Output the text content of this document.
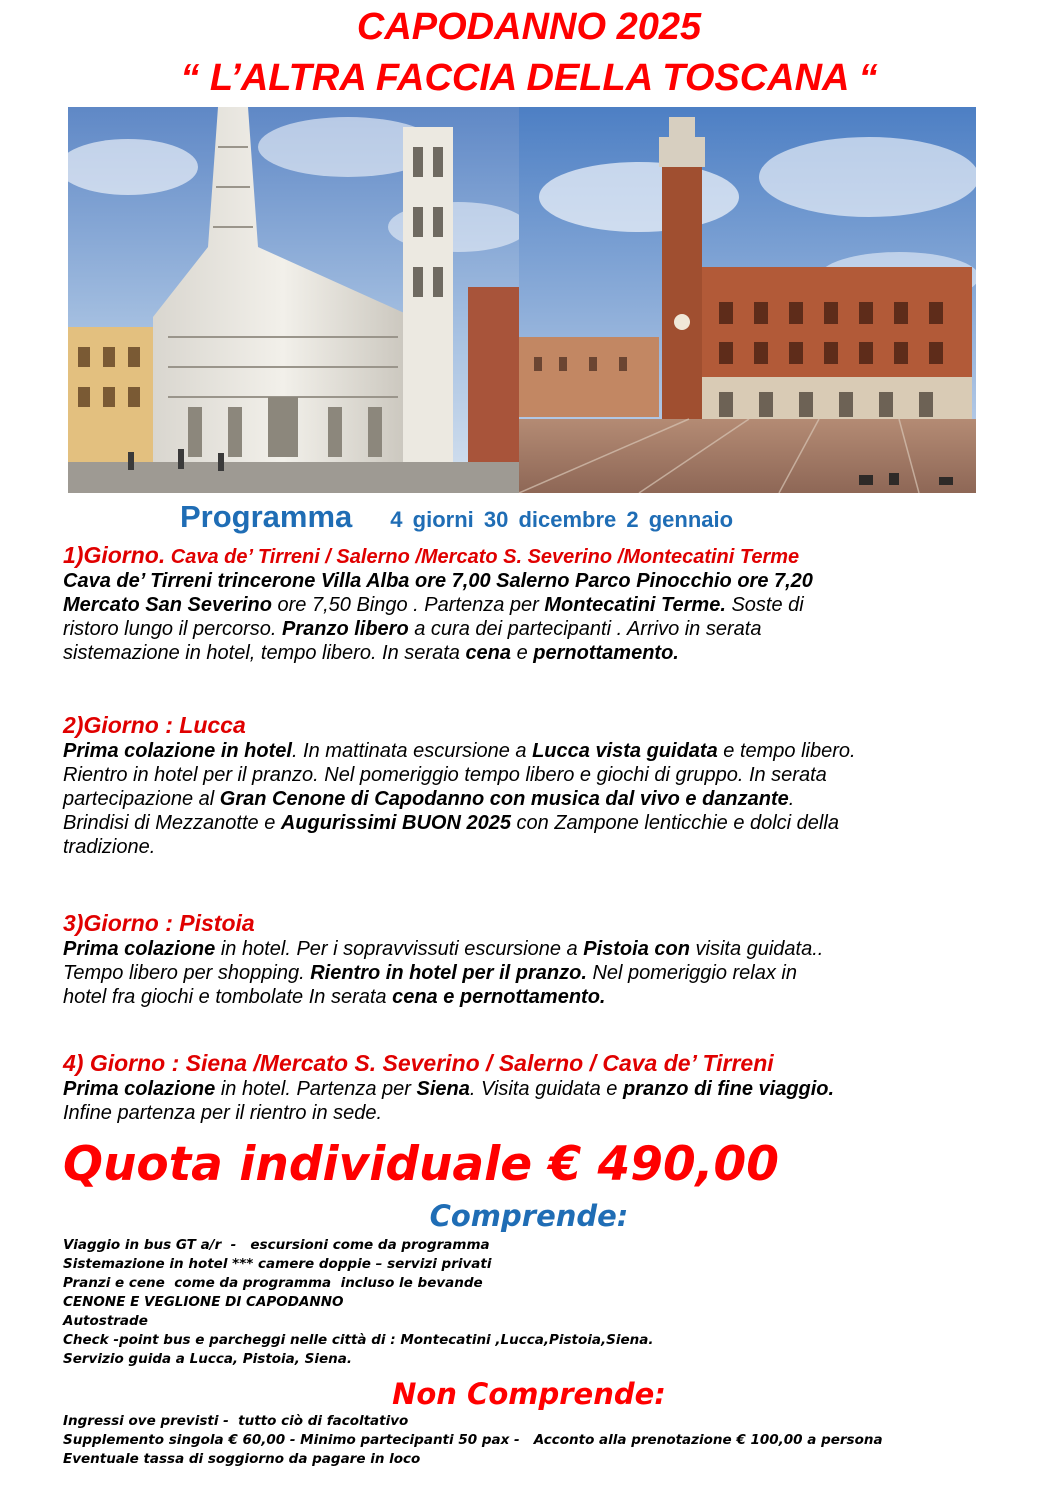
CAPODANNO 2025
“ L’ALTRA FACCIA DELLA TOSCANA “
Programma 4 giorni 30 dicembre 2 gennaio
1)Giorno. Cava de’ Tirreni / Salerno /Mercato S. Severino /Montecatini Terme

Cava de’ Tirreni trincerone Villa Alba ore 7,00 Salerno Parco Pinocchio ore 7,20

Mercato San Severino ore 7,50 Bingo . Partenza per Montecatini Terme. Soste di

ristoro lungo il percorso. Pranzo libero a cura dei partecipanti . Arrivo in serata

sistemazione in hotel, tempo libero. In serata cena e pernottamento.

2)Giorno : Lucca

Prima colazione in hotel. In mattinata escursione a Lucca vista guidata e tempo libero.

Rientro in hotel per il pranzo. Nel pomeriggio tempo libero e giochi di gruppo. In serata

partecipazione al Gran Cenone di Capodanno con musica dal vivo e danzante.

Brindisi di Mezzanotte e Augurissimi BUON 2025 con Zampone lenticchie e dolci della

tradizione.

3)Giorno : Pistoia

Prima colazione in hotel. Per i sopravvissuti escursione a Pistoia con visita guidata..

Tempo libero per shopping. Rientro in hotel per il pranzo. Nel pomeriggio relax in

hotel fra giochi e tombolate In serata cena e pernottamento.

4) Giorno : Siena /Mercato S. Severino / Salerno / Cava de’ Tirreni

Prima colazione in hotel. Partenza per Siena. Visita guidata e pranzo di fine viaggio.

Infine partenza per il rientro in sede.

Quota individuale € 490,00
Comprende:
Viaggio in bus GT a/r  -   escursioni come da programma
Sistemazione in hotel *** camere doppie – servizi privati
Pranzi e cene  come da programma  incluso le bevande
CENONE E VEGLIONE DI CAPODANNO
Autostrade
Check -point bus e parcheggi nelle città di : Montecatini ,Lucca,Pistoia,Siena.
Servizio guida a Lucca, Pistoia, Siena.
Non Comprende:
Ingressi ove previsti -  tutto ciò di facoltativo
Supplemento singola € 60,00 - Minimo partecipanti 50 pax -   Acconto alla prenotazione € 100,00 a persona
Eventuale tassa di soggiorno da pagare in loco
